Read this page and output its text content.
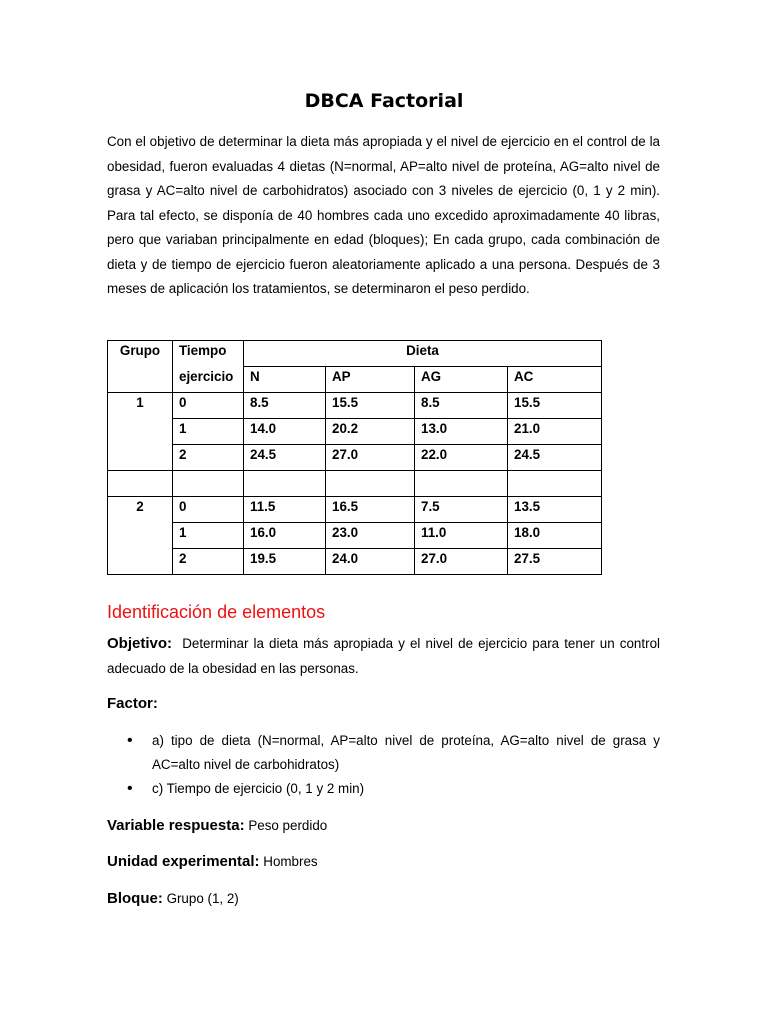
DBCA Factorial
Con el objetivo de determinar la dieta más apropiada y el nivel de ejercicio en el control de la obesidad, fueron evaluadas 4 dietas (N=normal, AP=alto nivel de proteína, AG=alto nivel de grasa y AC=alto nivel de carbohidratos) asociado con 3 niveles de ejercicio (0, 1 y 2 min). Para tal efecto, se disponía de 40 hombres cada uno excedido aproximadamente 40 libras, pero que variaban principalmente en edad (bloques); En cada grupo, cada combinación de dieta y de tiempo de ejercicio fueron aleatoriamente aplicado a una persona. Después de 3 meses de aplicación los tratamientos, se determinaron el peso perdido.
Grupo	Tiempo	Dieta			
	ejercicio	N	AP	AG	AC
1	0	8.5	15.5	8.5	15.5
	1	14.0	20.2	13.0	21.0
	2	24.5	27.0	22.0	24.5

2	0	11.5	16.5	7.5	13.5
	1	16.0	23.0	11.0	18.0
	2	19.5	24.0	27.0	27.5
Identificación de elementos
Objetivo: Determinar la dieta más apropiada y el nivel de ejercicio para tener un control adecuado de la obesidad en las personas.
Factor:
• a) tipo de dieta (N=normal, AP=alto nivel de proteína, AG=alto nivel de grasa y AC=alto nivel de carbohidratos)
• c) Tiempo de ejercicio (0, 1 y 2 min)
Variable respuesta: Peso perdido
Unidad experimental: Hombres
Bloque: Grupo (1, 2)
